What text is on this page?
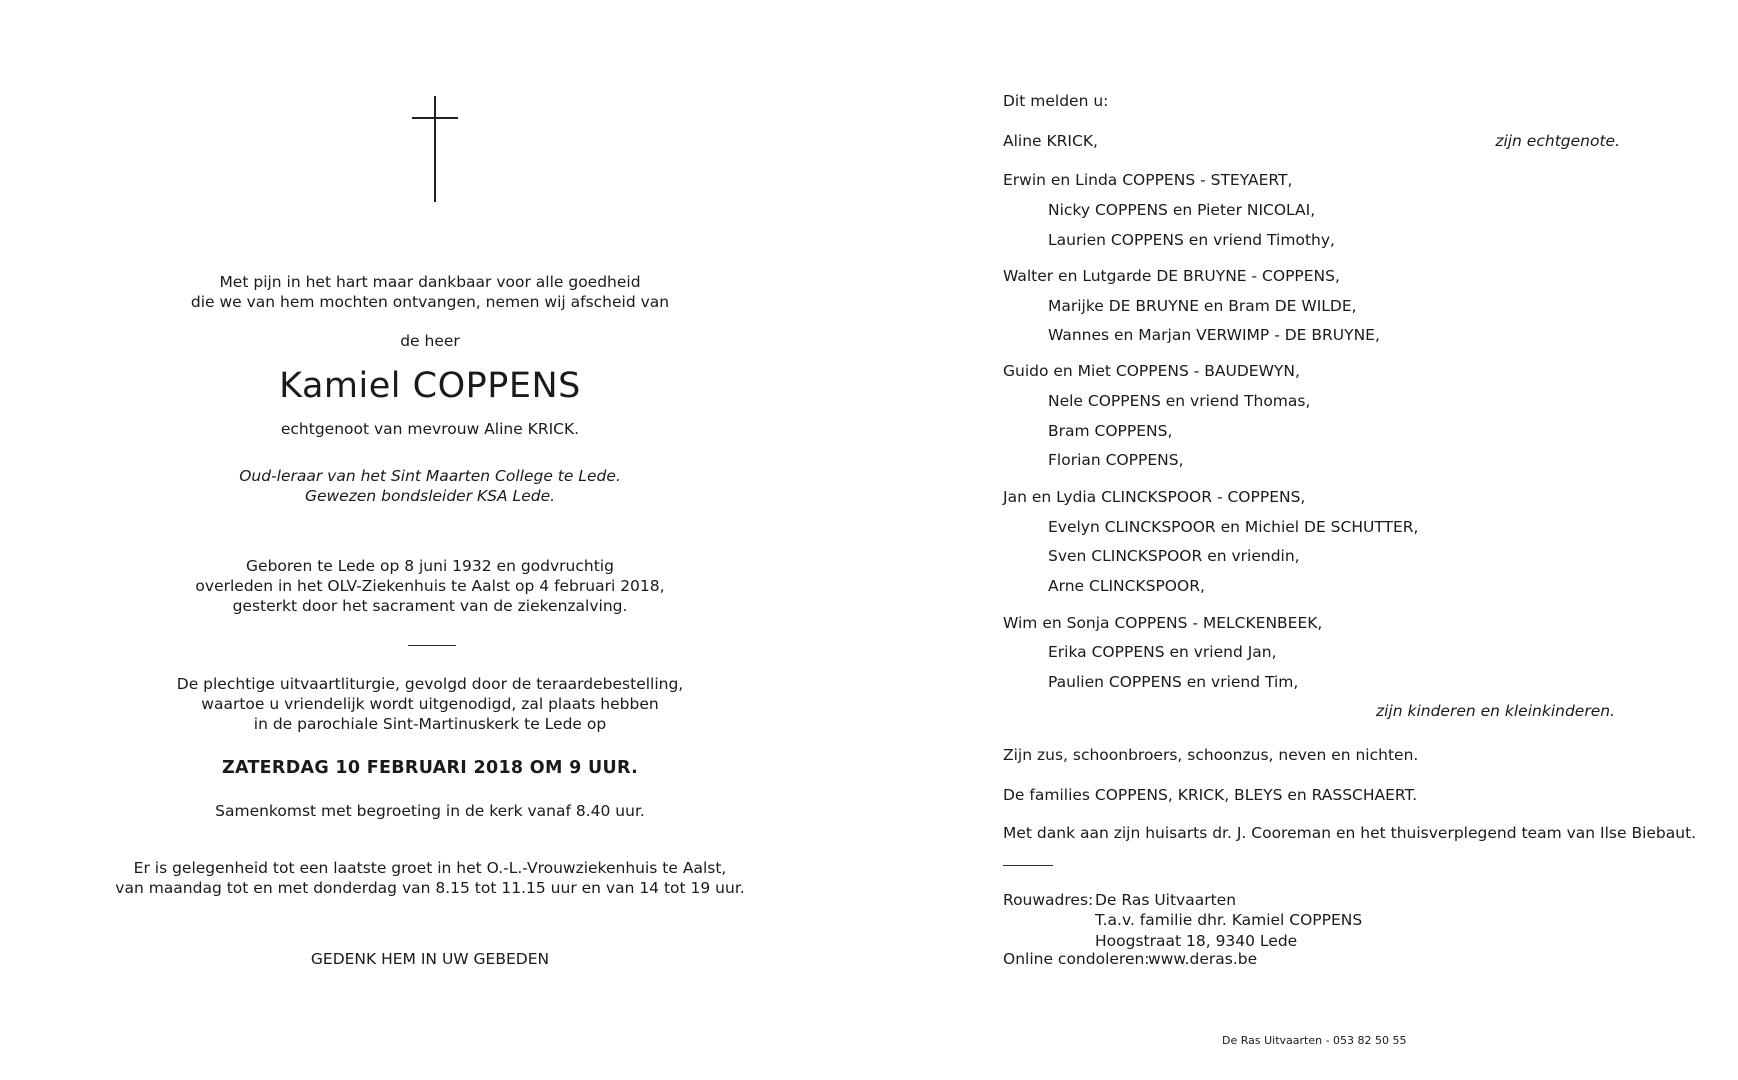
Met pijn in het hart maar dankbaar voor alle goedheid
die we van hem mochten ontvangen, nemen wij afscheid van
de heer
Kamiel COPPENS
echtgenoot van mevrouw Aline KRICK.
Oud-leraar van het Sint Maarten College te Lede.
Gewezen bondsleider KSA Lede.
Geboren te Lede op 8 juni 1932 en godvruchtig
overleden in het OLV-Ziekenhuis te Aalst op 4 februari 2018,
gesterkt door het sacrament van de ziekenzalving.
De plechtige uitvaartliturgie, gevolgd door de teraardebestelling,
waartoe u vriendelijk wordt uitgenodigd, zal plaats hebben
in de parochiale Sint-Martinuskerk te Lede op
ZATERDAG 10 FEBRUARI 2018 OM 9 UUR.
Samenkomst met begroeting in de kerk vanaf 8.40 uur.
Er is gelegenheid tot een laatste groet in het O.-L.-Vrouwziekenhuis te Aalst,
van maandag tot en met donderdag van 8.15 tot 11.15 uur en van 14 tot 19 uur.
GEDENK HEM IN UW GEBEDEN
Dit melden u:
Aline KRICK,	zijn echtgenote.
Erwin en Linda COPPENS - STEYAERT,
Nicky COPPENS en Pieter NICOLAI,
Laurien COPPENS en vriend Timothy,
Walter en Lutgarde DE BRUYNE - COPPENS,
Marijke DE BRUYNE en Bram DE WILDE,
Wannes en Marjan VERWIMP - DE BRUYNE,
Guido en Miet COPPENS - BAUDEWYN,
Nele COPPENS en vriend Thomas,
Bram COPPENS,
Florian COPPENS,
Jan en Lydia CLINCKSPOOR - COPPENS,
Evelyn CLINCKSPOOR en Michiel DE SCHUTTER,
Sven CLINCKSPOOR en vriendin,
Arne CLINCKSPOOR,
Wim en Sonja COPPENS - MELCKENBEEK,
Erika COPPENS en vriend Jan,
Paulien COPPENS en vriend Tim,
zijn kinderen en kleinkinderen.
Zijn zus, schoonbroers, schoonzus, neven en nichten.
De families COPPENS, KRICK, BLEYS en RASSCHAERT.
Met dank aan zijn huisarts dr. J. Cooreman en het thuisverplegend team van Ilse Biebaut.
Rouwadres: De Ras Uitvaarten
T.a.v. familie dhr. Kamiel COPPENS
Hoogstraat 18, 9340 Lede
Online condoleren:
www.deras.be
De Ras Uitvaarten - 053 82 50 55
